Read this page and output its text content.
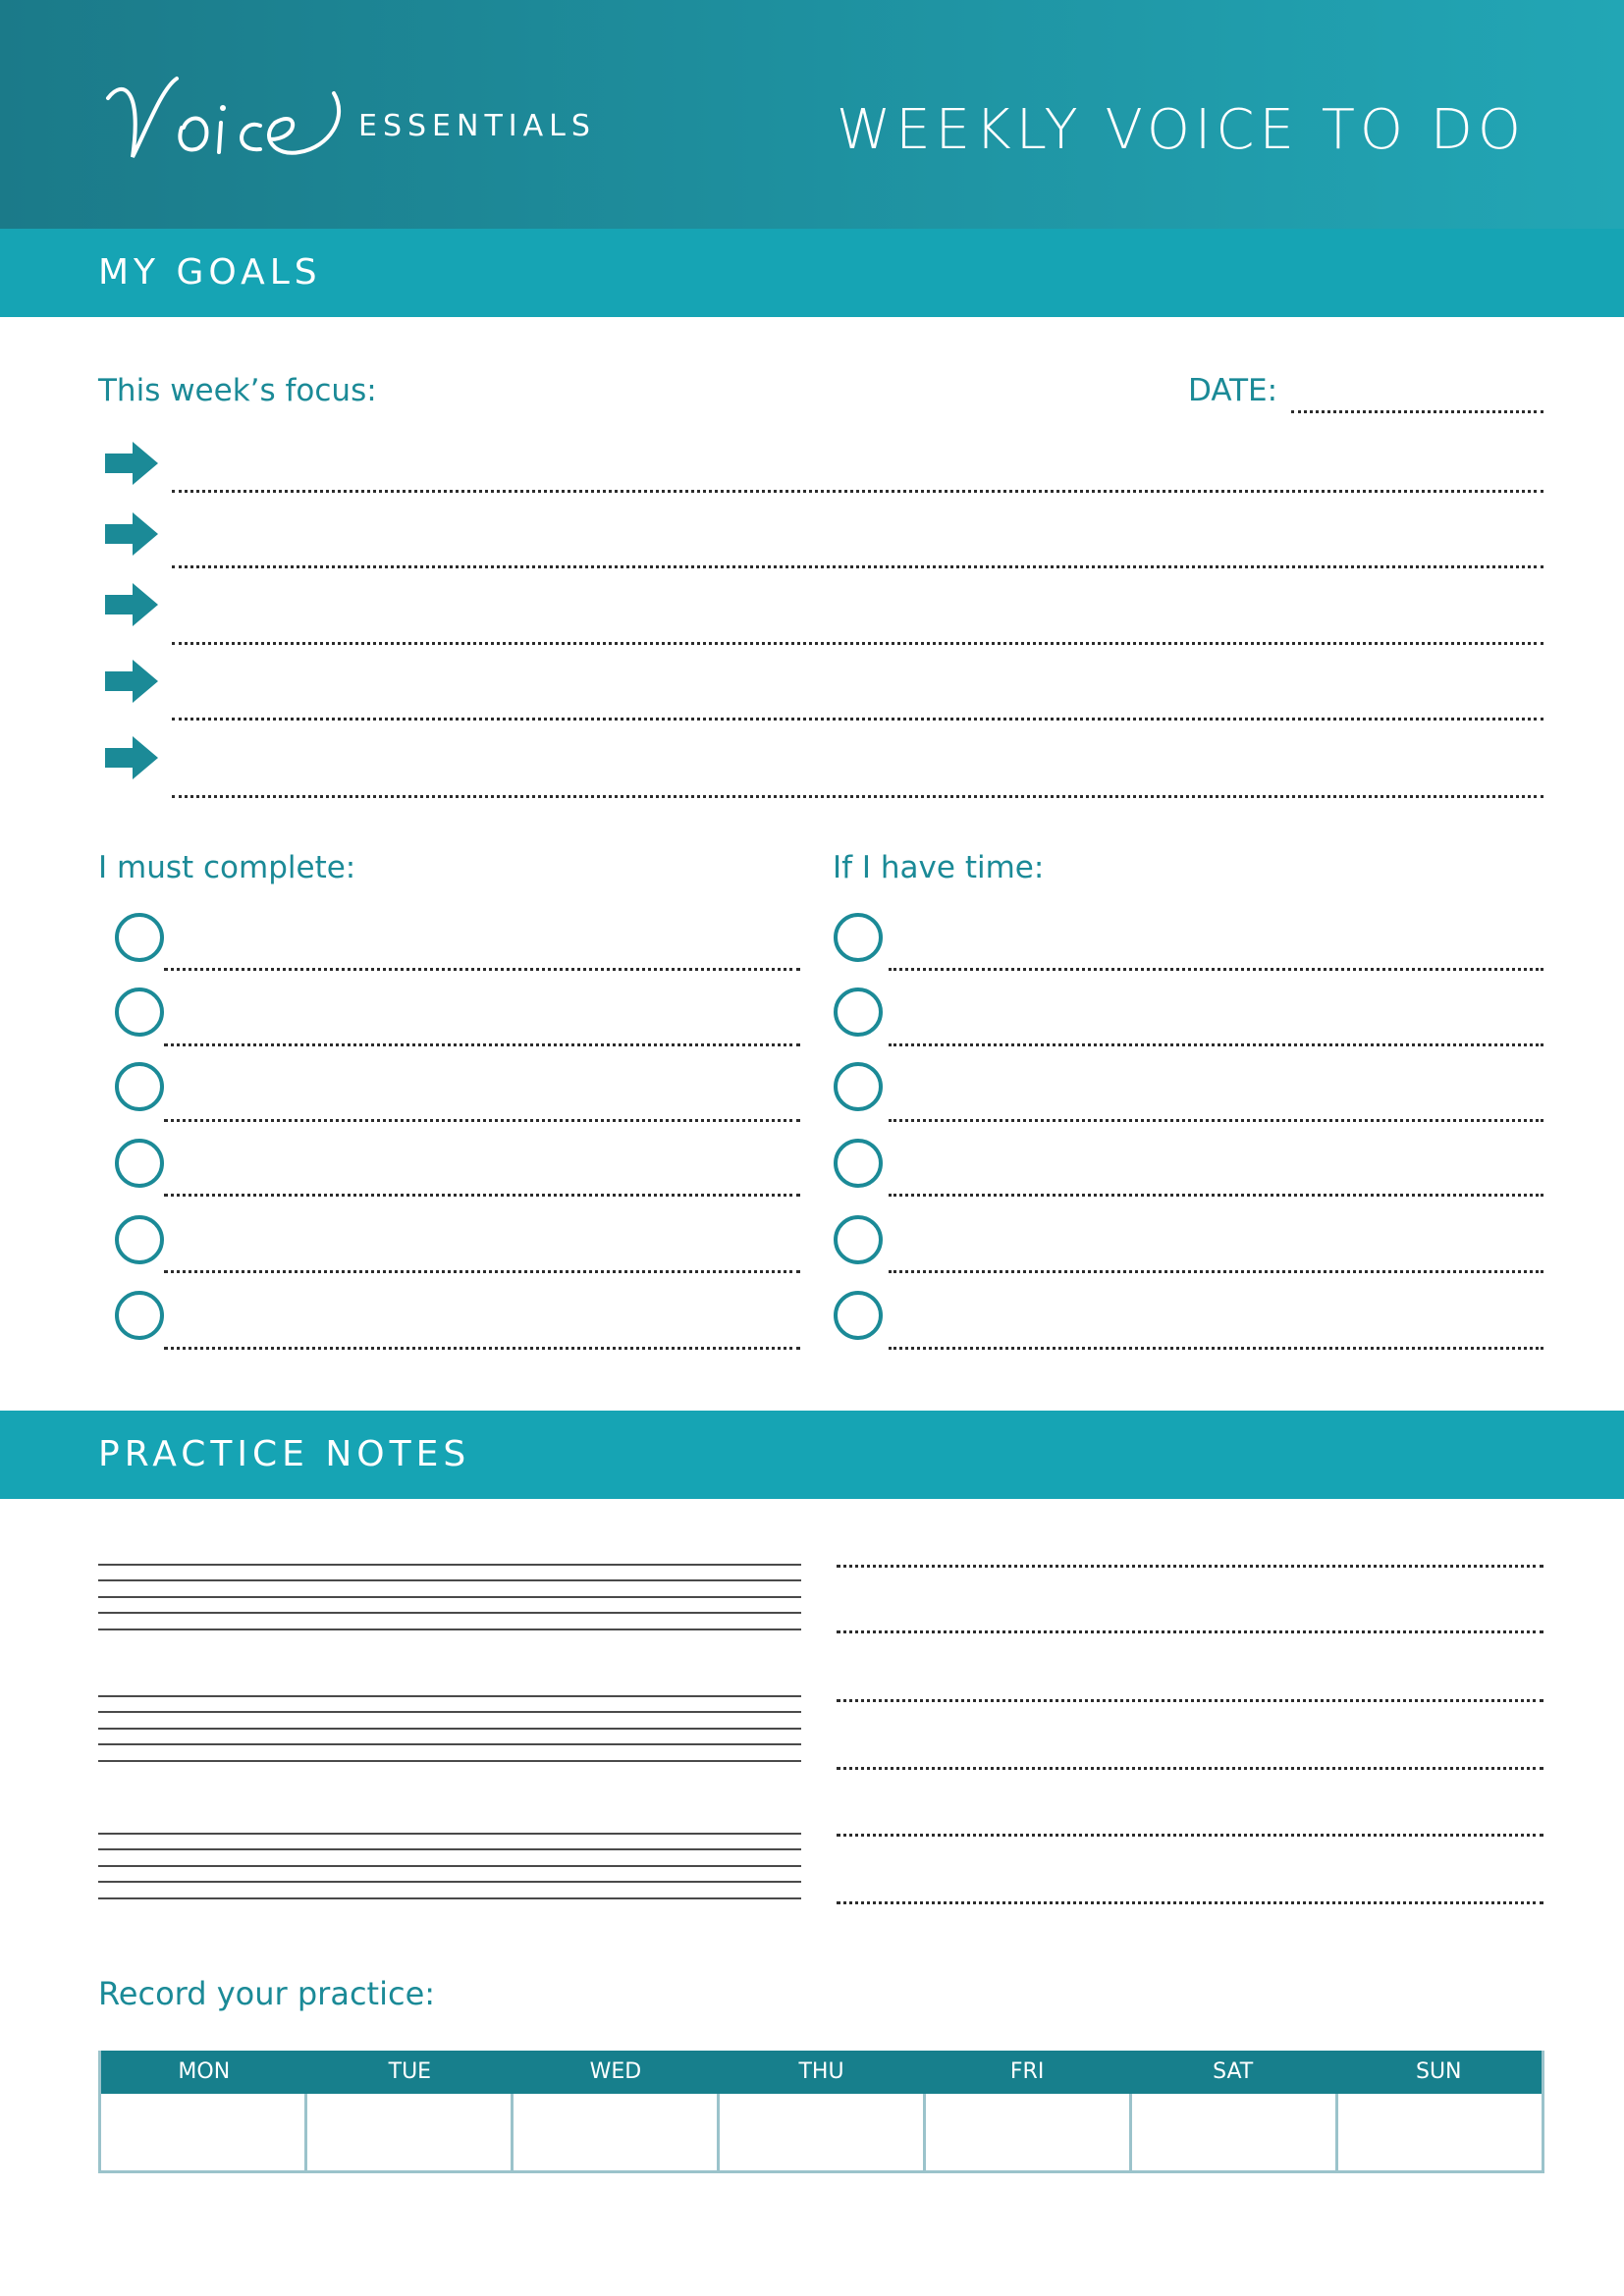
ESSENTIALS	WEEKLY VOICE TO DO
MY GOALS
This week’s focus:	DATE:
I must complete:	If I have time:
PRACTICE NOTES
Record your practice:
MON	TUE	WED	THU	FRI	SAT	SUN
